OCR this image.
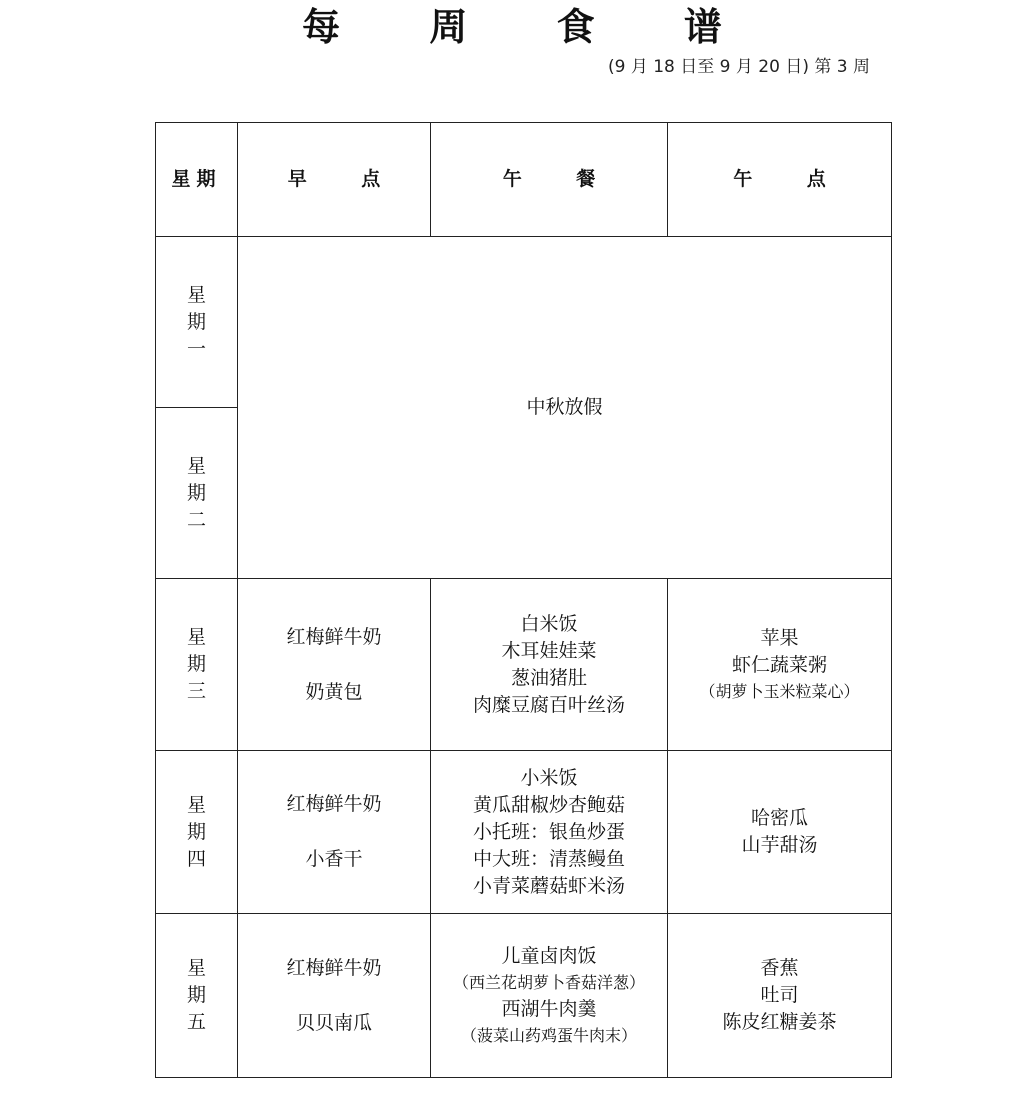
每 周 食 谱
(9 月 18 日至 9 月 20 日) 第 3 周
星期	早 点	午 餐	午 点

星
期
一	中秋放假		

星
期
二			

星
期
三	红梅鲜牛奶
奶黄包	白米饭
木耳娃娃菜
葱油猪肚
肉糜豆腐百叶丝汤	苹果
虾仁蔬菜粥
（胡萝卜玉米粒菜心）

星
期
四	红梅鲜牛奶
小香干	小米饭
黄瓜甜椒炒杏鲍菇
小托班：银鱼炒蛋
中大班：清蒸鳗鱼
小青菜蘑菇虾米汤	哈密瓜
山芋甜汤

星
期
五	红梅鲜牛奶
贝贝南瓜	儿童卤肉饭
（西兰花胡萝卜香菇洋葱）
西湖牛肉羹
（菠菜山药鸡蛋牛肉末）	香蕉
吐司
陈皮红糖姜茶
